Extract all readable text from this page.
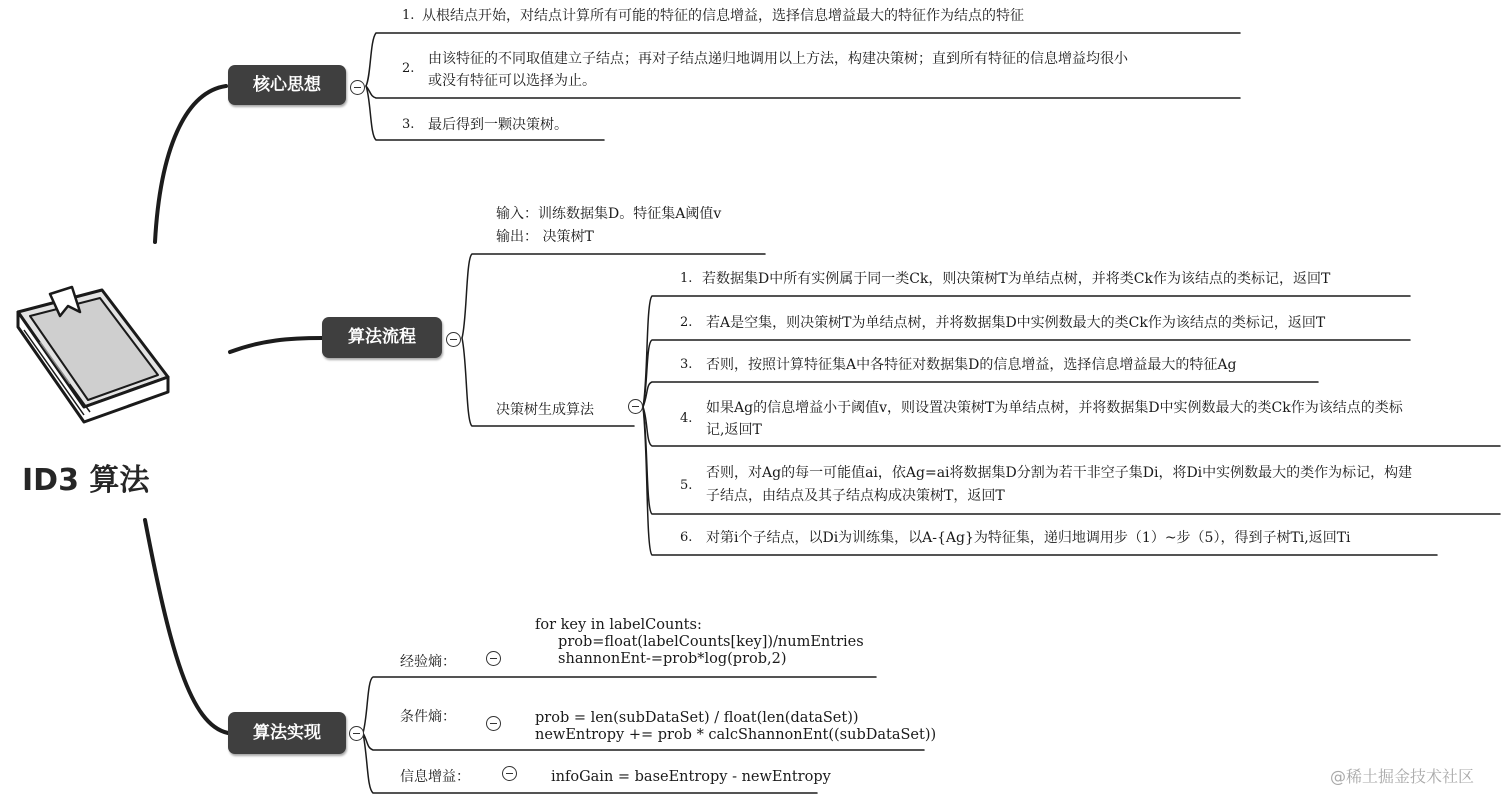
ID3 算法
核心思想
算法流程
算法实现
1. 从根结点开始，对结点计算所有可能的特征的信息增益，选择信息增益最大的特征作为结点的特征
2.
由该特征的不同取值建立子结点；再对子结点递归地调用以上方法，构建决策树；直到所有特征的信息增益均很小
或没有特征可以选择为止。
3. 最后得到一颗决策树。
输入：训练数据集D。特征集A阈值v
输出： 决策树T
决策树生成算法
1. 若数据集D中所有实例属于同一类Ck，则决策树T为单结点树，并将类Ck作为该结点的类标记，返回T
2. 若A是空集，则决策树T为单结点树，并将数据集D中实例数最大的类Ck作为该结点的类标记，返回T
3. 否则，按照计算特征集A中各特征对数据集D的信息增益，选择信息增益最大的特征Ag
4.
如果Ag的信息增益小于阈值v，则设置决策树T为单结点树，并将数据集D中实例数最大的类Ck作为该结点的类标
记,返回T
5.
否则，对Ag的每一可能值ai，依Ag=ai将数据集D分割为若干非空子集Di，将Di中实例数最大的类作为标记，构建
子结点，由结点及其子结点构成决策树T，返回T
6. 对第i个子结点，以Di为训练集，以A-{Ag}为特征集，递归地调用步（1）~步（5），得到子树Ti,返回Ti
经验熵：
for key in labelCounts:
prob=float(labelCounts[key])/numEntries
shannonEnt-=prob*log(prob,2)
条件熵：	prob = len(subDataSet) / float(len(dataSet))
newEntropy += prob * calcShannonEnt((subDataSet))
信息增益：	infoGain = baseEntropy - newEntropy	@稀土掘金技术社区
